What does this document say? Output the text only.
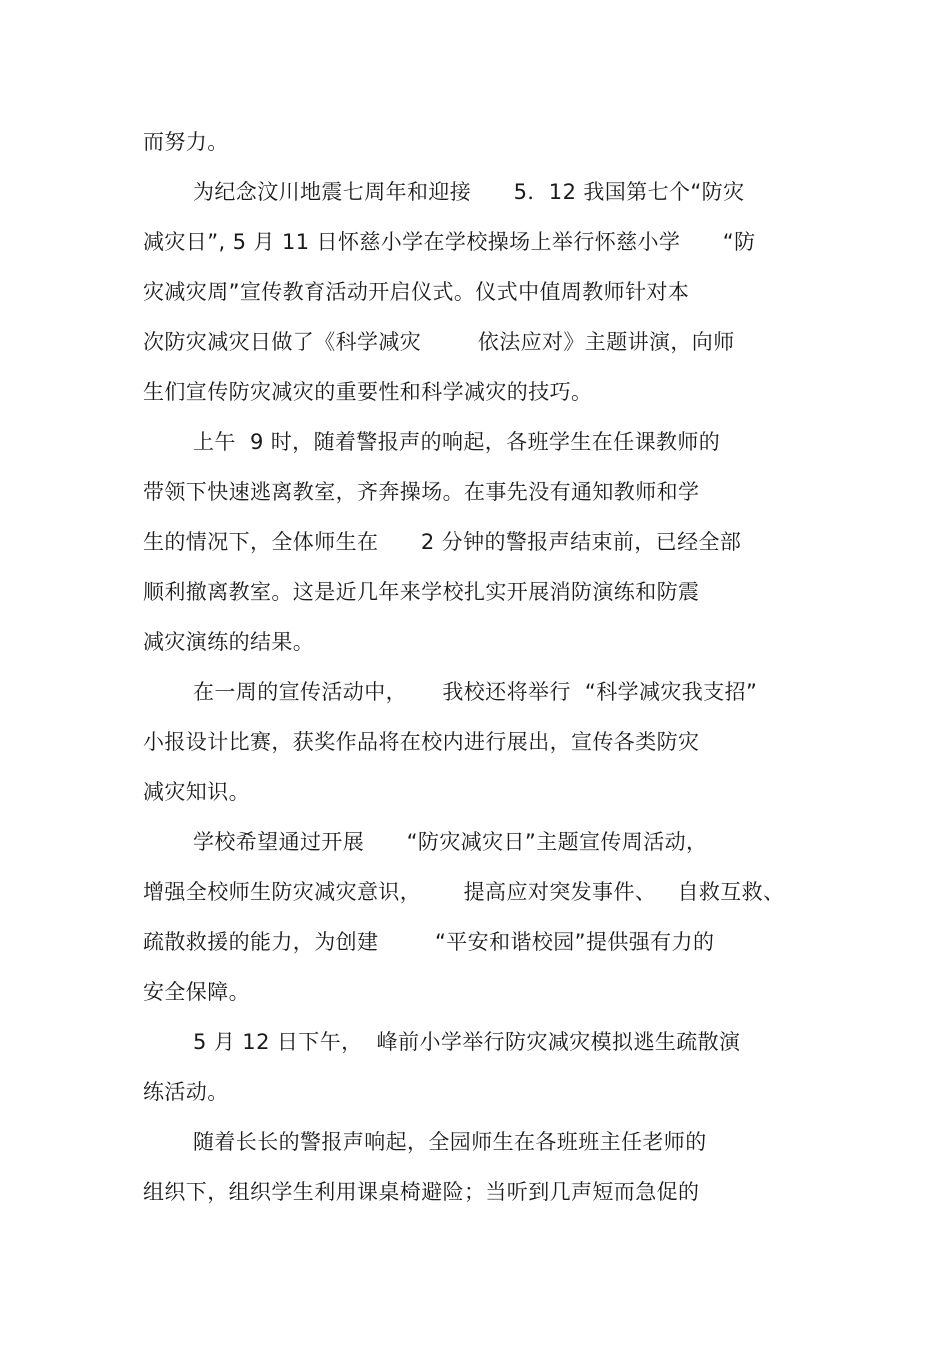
而努力。
为纪念汶川地震七周年和迎接      5．12 我国第七个“防灾
减灾日”, 5 月 11 日怀慈小学在学校操场上举行怀慈小学      “防
灾减灾周”宣传教育活动开启仪式。仪式中值周教师针对本
次防灾减灾日做了《科学减灾        依法应对》主题讲演，向师
生们宣传防灾减灾的重要性和科学减灾的技巧。
上午  9 时，随着警报声的响起，各班学生在任课教师的
带领下快速逃离教室，齐奔操场。在事先没有通知教师和学
生的情况下，全体师生在      2 分钟的警报声结束前，已经全部
顺利撤离教室。这是近几年来学校扎实开展消防演练和防震
减灾演练的结果。
在一周的宣传活动中，     我校还将举行  “科学减灾我支招”
小报设计比赛，获奖作品将在校内进行展出，宣传各类防灾
减灾知识。
学校希望通过开展      “防灾减灾日”主题宣传周活动，
增强全校师生防灾减灾意识，      提高应对突发事件、   自救互救、
疏散救援的能力，为创建        “平安和谐校园”提供强有力的
安全保障。
5 月 12 日下午，  峰前小学举行防灾减灾模拟逃生疏散演
练活动。
随着长长的警报声响起，全园师生在各班班主任老师的
组织下，组织学生利用课桌椅避险；当听到几声短而急促的
